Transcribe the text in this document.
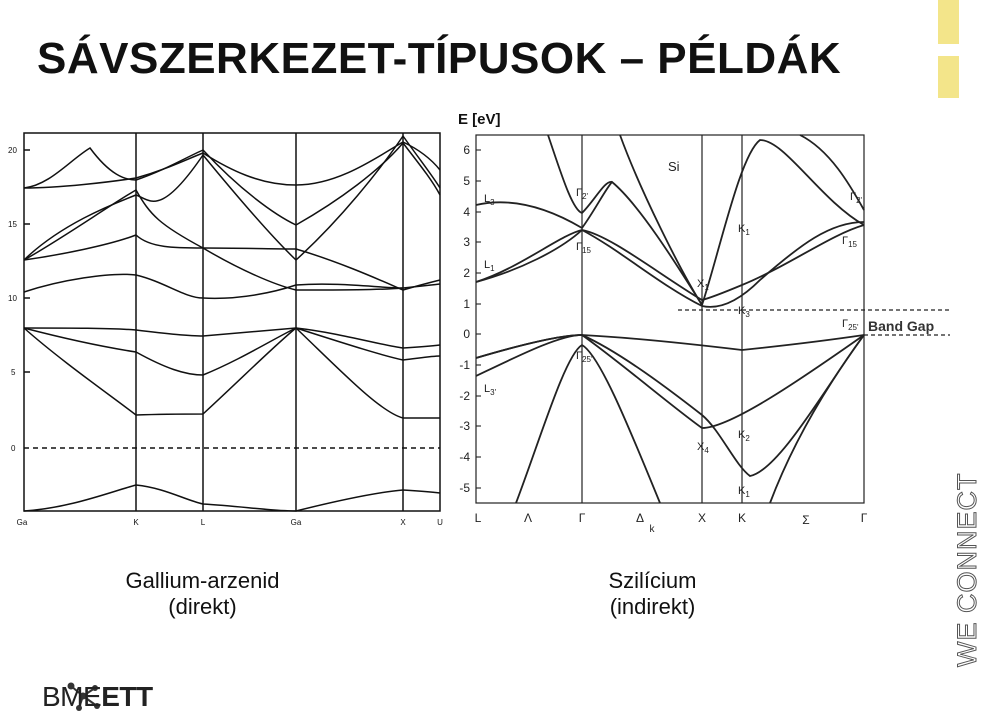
SÁVSZERKEZET-TÍPUSOK – PÉLDÁK
20
15
10
5
0
Ga	K	L	Ga	X	U
6
5
4
3
2
1
0
-1
-2
-3
-4
-5
E [eV]
Si
L	Λ	Γ	Δ	X	K	Σ	Γ
k
Band Gap
$L_3$
$L_1$
$L_{3'}$
$\Gamma_{2'}$
$\Gamma_{15}$
$\Gamma_{25'}$
$X_1$
$X_4$
$K_1$
$K_3$
$K_2$
$K_1$
$\Gamma_{2'}$
$\Gamma_{15}$
$\Gamma_{25'}$
Gallium-arzenid
(direkt)
Szilícium
(indirekt)	WE CONNECT
BMEETT
